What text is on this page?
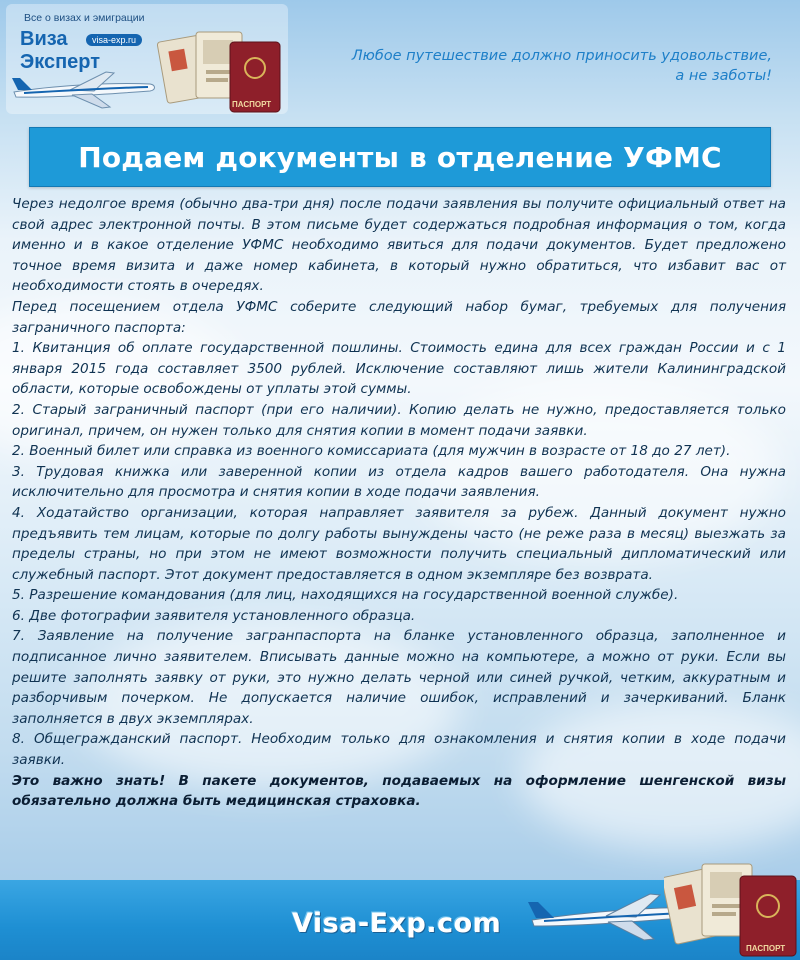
Все о визах и эмиграции
Виза	visa-exp.ru
Эксперт
ПАСПОРТ
Любое путешествие должно приносить удовольствие,
а не заботы!
Подаем документы в отделение УФМС

Через недолгое время (обычно два-три дня) после подачи заявления вы получите официальный ответ на свой адрес электронной почты. В этом письме будет содержаться подробная информация о том, когда именно и в какое отделение УФМС необходимо явиться для подачи документов. Будет предложено точное время визита и даже номер кабинета, в который нужно обратиться, что избавит вас от необходимости стоять в очередях.

Перед посещением отдела УФМС соберите следующий набор бумаг, требуемых для получения заграничного паспорта:

1. Квитанция об оплате государственной пошлины. Стоимость едина для всех граждан России и с 1 января 2015 года составляет 3500 рублей. Исключение составляют лишь жители Калининградской области, которые освобождены от уплаты этой суммы.

2. Старый заграничный паспорт (при его наличии). Копию делать не нужно, предоставляется только оригинал, причем, он нужен только для снятия копии в момент подачи заявки.

2. Военный билет или справка из военного комиссариата (для мужчин в возрасте от 18 до 27 лет).

3. Трудовая книжка или заверенной копии из отдела кадров вашего работодателя. Она нужна исключительно для просмотра и снятия копии в ходе подачи заявления.

4. Ходатайство организации, которая направляет заявителя за рубеж. Данный документ нужно предъявить тем лицам, которые по долгу работы вынуждены часто (не реже раза в месяц) выезжать за пределы страны, но при этом не имеют возможности получить специальный дипломатический или служебный паспорт. Этот документ предоставляется в одном экземпляре без возврата.

5. Разрешение командования (для лиц, находящихся на государственной военной службе).

6. Две фотографии заявителя установленного образца.

7. Заявление на получение загранпаспорта на бланке установленного образца, заполненное и подписанное лично заявителем. Вписывать данные можно на компьютере, а можно от руки. Если вы решите заполнять заявку от руки, это нужно делать черной или синей ручкой, четким, аккуратным и разборчивым почерком. Не допускается наличие ошибок, исправлений и зачеркиваний. Бланк заполняется в двух экземплярах.

8. Общегражданский паспорт. Необходим только для ознакомления и снятия копии в ходе подачи заявки.

Это важно знать! В пакете документов, подаваемых на оформление шенгенской визы обязательно должна быть медицинская страховка.

Visa-Exp.com
ПАСПОРТ
